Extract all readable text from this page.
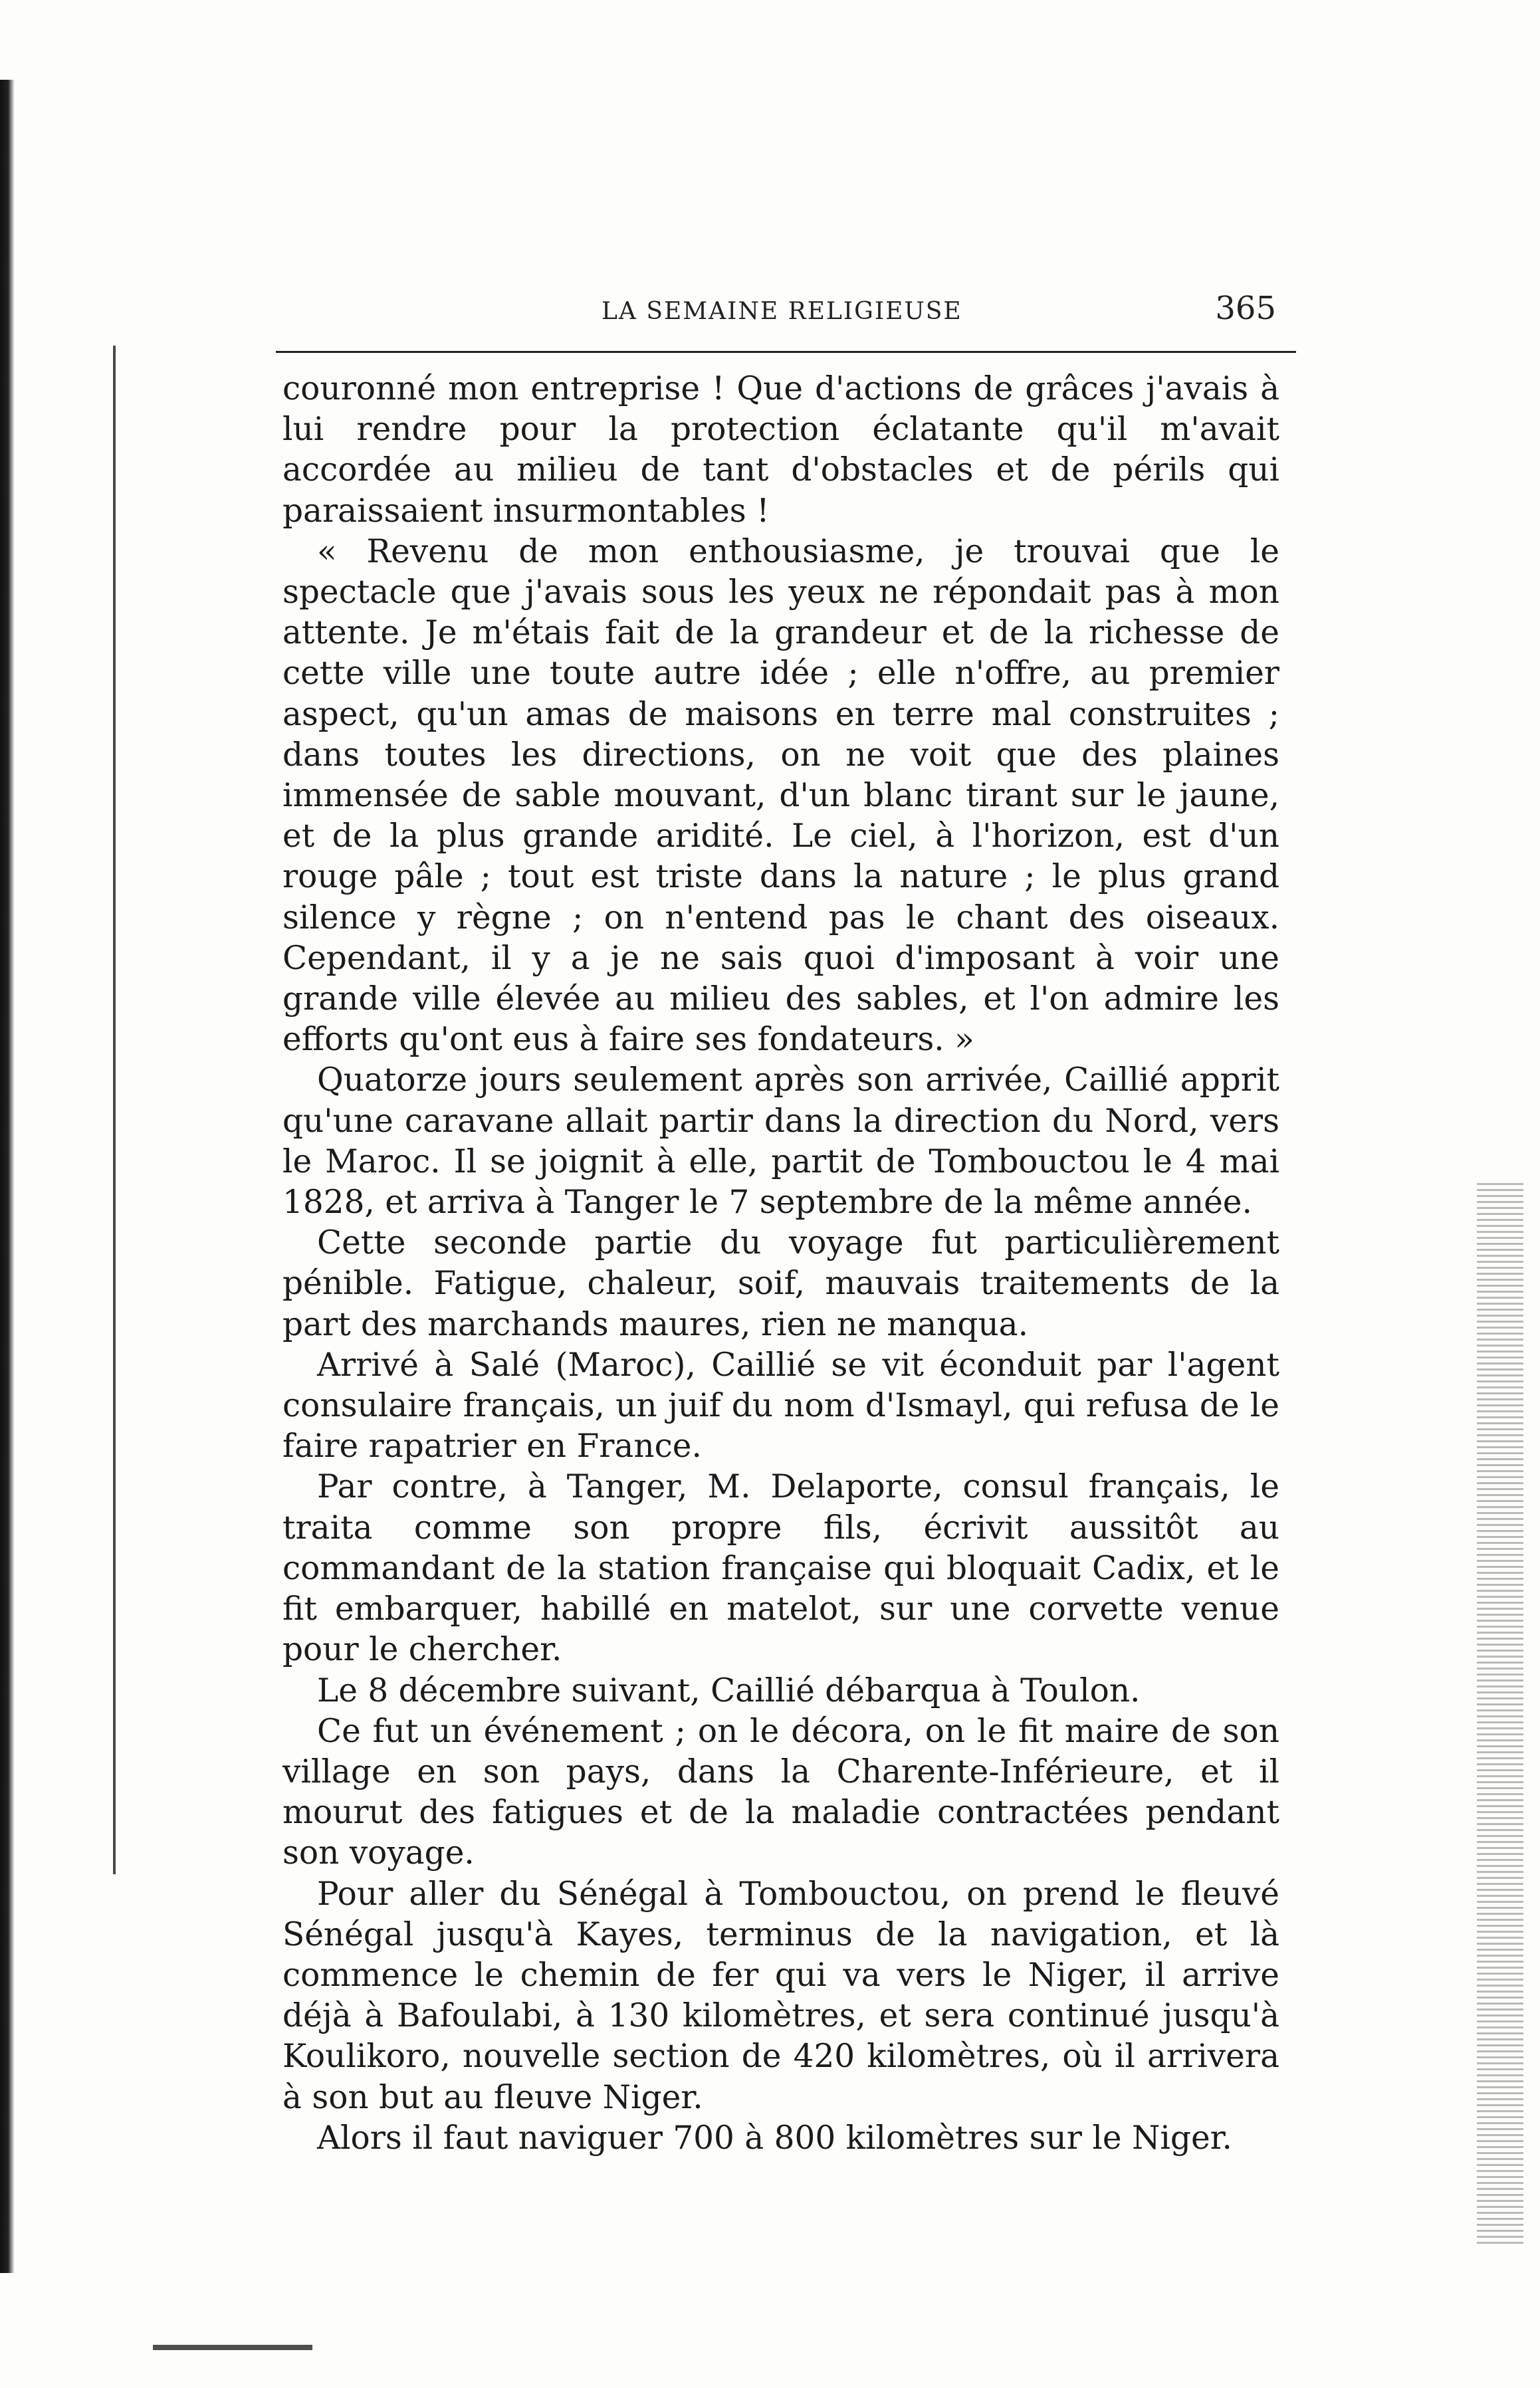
LA SEMAINE RELIGIEUSE	365

couronné mon entreprise ! Que d'actions de grâces j'avais à lui rendre pour la protection éclatante qu'il m'avait accordée au milieu de tant d'obstacles et de périls qui paraissaient insurmontables !

« Revenu de mon enthousiasme, je trouvai que le spectacle que j'avais sous les yeux ne répondait pas à mon attente. Je m'étais fait de la grandeur et de la richesse de cette ville une toute autre idée ; elle n'offre, au premier aspect, qu'un amas de maisons en terre mal construites ; dans toutes les directions, on ne voit que des plaines immensée de sable mouvant, d'un blanc tirant sur le jaune, et de la plus grande aridité. Le ciel, à l'horizon, est d'un rouge pâle ; tout est triste dans la nature ; le plus grand silence y règne ; on n'entend pas le chant des oiseaux. Cependant, il y a je ne sais quoi d'imposant à voir une grande ville élevée au milieu des sables, et l'on admire les efforts qu'ont eus à faire ses fondateurs. »

Quatorze jours seulement après son arrivée, Caillié apprit qu'une caravane allait partir dans la direction du Nord, vers le Maroc. Il se joignit à elle, partit de Tombouctou le 4 mai 1828, et arriva à Tanger le 7 septembre de la même année.

Cette seconde partie du voyage fut particulièrement pénible. Fatigue, chaleur, soif, mauvais traitements de la part des marchands maures, rien ne manqua.

Arrivé à Salé (Maroc), Caillié se vit éconduit par l'agent consulaire français, un juif du nom d'Ismayl, qui refusa de le faire rapatrier en France.

Par contre, à Tanger, M. Delaporte, consul français, le traita comme son propre fils, écrivit aussitôt au commandant de la station française qui bloquait Cadix, et le fit embarquer, habillé en matelot, sur une corvette venue pour le chercher.

Le 8 décembre suivant, Caillié débarqua à Toulon.

Ce fut un événement ; on le décora, on le fit maire de son village en son pays, dans la Charente-Inférieure, et il mourut des fatigues et de la maladie contractées pendant son voyage.

Pour aller du Sénégal à Tombouctou, on prend le fleuvé Sénégal jusqu'à Kayes, terminus de la navigation, et là commence le chemin de fer qui va vers le Niger, il arrive déjà à Bafoulabi, à 130 kilomètres, et sera continué jusqu'à Koulikoro, nouvelle section de 420 kilomètres, où il arrivera à son but au fleuve Niger.

Alors il faut naviguer 700 à 800 kilomètres sur le Niger.
